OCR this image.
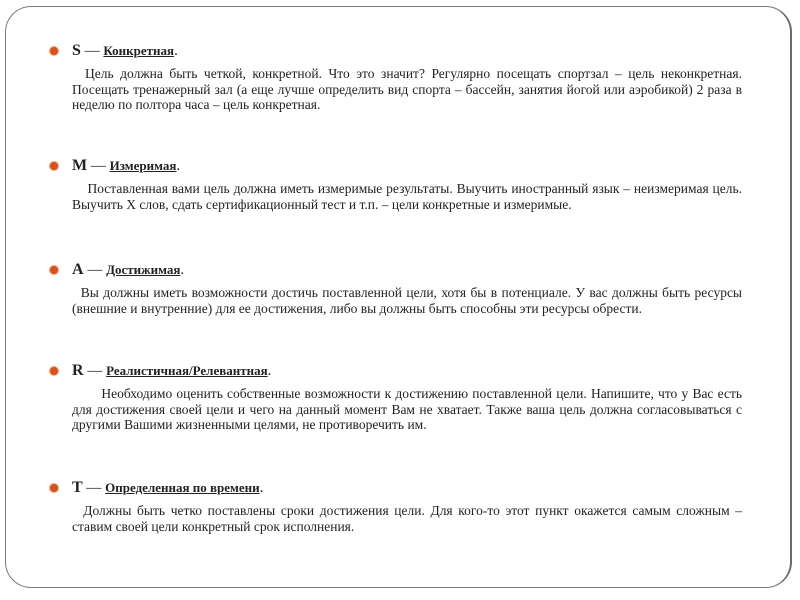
S — Конкретная.
Цель должна быть четкой, конкретной. Что это значит? Регулярно посещать спортзал – цель неконкретная. Посещать тренажерный зал (а еще лучше определить вид спорта – бассейн, занятия йогой или аэробикой) 2 раза в неделю по полтора часа – цель конкретная.
M — Измеримая.
Поставленная вами цель должна иметь измеримые результаты. Выучить иностранный язык – неизмеримая цель. Выучить X слов, сдать сертификационный тест и т.п. – цели конкретные и измеримые.
A — Достижимая.
Вы должны иметь возможности достичь поставленной цели, хотя бы в потенциале. У вас должны быть ресурсы (внешние и внутренние) для ее достижения, либо вы должны быть способны эти ресурсы обрести.
R — Реалистичная/Релевантная.
Необходимо оценить собственные возможности к достижению поставленной цели. Напишите, что у Вас есть для достижения своей цели и чего на данный момент Вам не хватает. Также ваша цель должна согласовываться с другими Вашими жизненными целями, не противоречить им.
T — Определенная по времени.
Должны быть четко поставлены сроки достижения цели. Для кого-то этот пункт окажется самым сложным – ставим своей цели конкретный срок исполнения.
